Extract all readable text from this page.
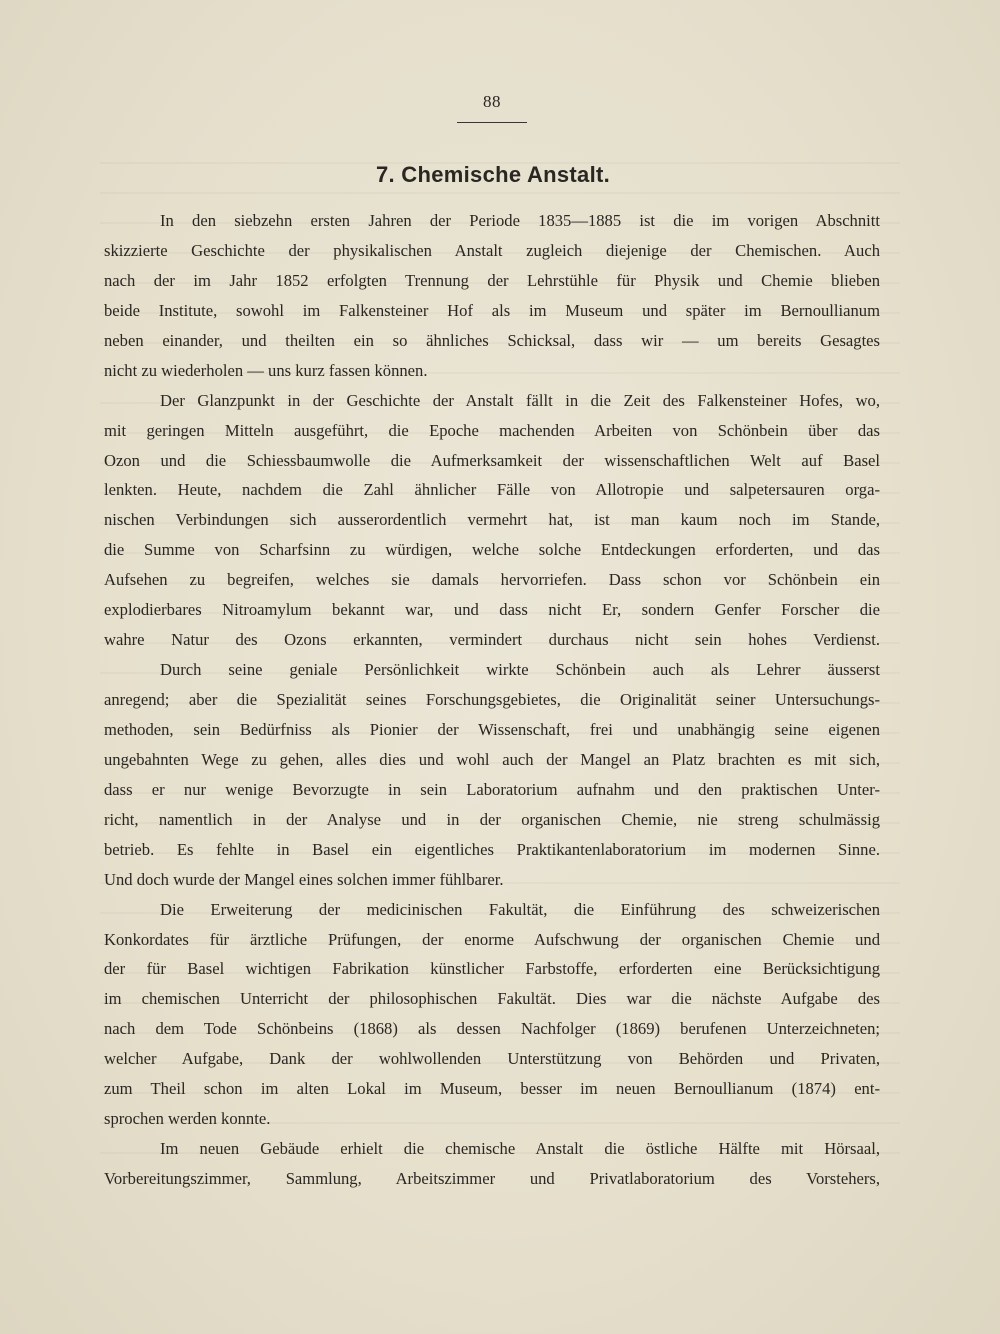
88
7. Chemische Anstalt.
In den siebzehn ersten Jahren der Periode 1835—1885 ist die im vorigen Abschnitt
skizzierte Geschichte der physikalischen Anstalt zugleich diejenige der Chemischen. Auch
nach der im Jahr 1852 erfolgten Trennung der Lehrstühle für Physik und Chemie blieben
beide Institute, sowohl im Falkensteiner Hof als im Museum und später im Bernoullianum
neben einander, und theilten ein so ähnliches Schicksal, dass wir — um bereits Gesagtes
nicht zu wiederholen — uns kurz fassen können.
Der Glanzpunkt in der Geschichte der Anstalt fällt in die Zeit des Falkensteiner Hofes, wo,
mit geringen Mitteln ausgeführt, die Epoche machenden Arbeiten von Schönbein über das
Ozon und die Schiessbaumwolle die Aufmerksamkeit der wissenschaftlichen Welt auf Basel
lenkten. Heute, nachdem die Zahl ähnlicher Fälle von Allotropie und salpetersauren orga-
nischen Verbindungen sich ausserordentlich vermehrt hat, ist man kaum noch im Stande,
die Summe von Scharfsinn zu würdigen, welche solche Entdeckungen erforderten, und das
Aufsehen zu begreifen, welches sie damals hervorriefen. Dass schon vor Schönbein ein
explodierbares Nitroamylum bekannt war, und dass nicht Er, sondern Genfer Forscher die
wahre Natur des Ozons erkannten, vermindert durchaus nicht sein hohes Verdienst.
Durch seine geniale Persönlichkeit wirkte Schönbein auch als Lehrer äusserst
anregend; aber die Spezialität seines Forschungsgebietes, die Originalität seiner Untersuchungs-
methoden, sein Bedürfniss als Pionier der Wissenschaft, frei und unabhängig seine eigenen
ungebahnten Wege zu gehen, alles dies und wohl auch der Mangel an Platz brachten es mit sich,
dass er nur wenige Bevorzugte in sein Laboratorium aufnahm und den praktischen Unter-
richt, namentlich in der Analyse und in der organischen Chemie, nie streng schulmässig
betrieb. Es fehlte in Basel ein eigentliches Praktikantenlaboratorium im modernen Sinne.
Und doch wurde der Mangel eines solchen immer fühlbarer.
Die Erweiterung der medicinischen Fakultät, die Einführung des schweizerischen
Konkordates für ärztliche Prüfungen, der enorme Aufschwung der organischen Chemie und
der für Basel wichtigen Fabrikation künstlicher Farbstoffe, erforderten eine Berücksichtigung
im chemischen Unterricht der philosophischen Fakultät. Dies war die nächste Aufgabe des
nach dem Tode Schönbeins (1868) als dessen Nachfolger (1869) berufenen Unterzeichneten;
welcher Aufgabe, Dank der wohlwollenden Unterstützung von Behörden und Privaten,
zum Theil schon im alten Lokal im Museum, besser im neuen Bernoullianum (1874) ent-
sprochen werden konnte.
Im neuen Gebäude erhielt die chemische Anstalt die östliche Hälfte mit Hörsaal,
Vorbereitungszimmer, Sammlung, Arbeitszimmer und Privatlaboratorium des Vorstehers,
